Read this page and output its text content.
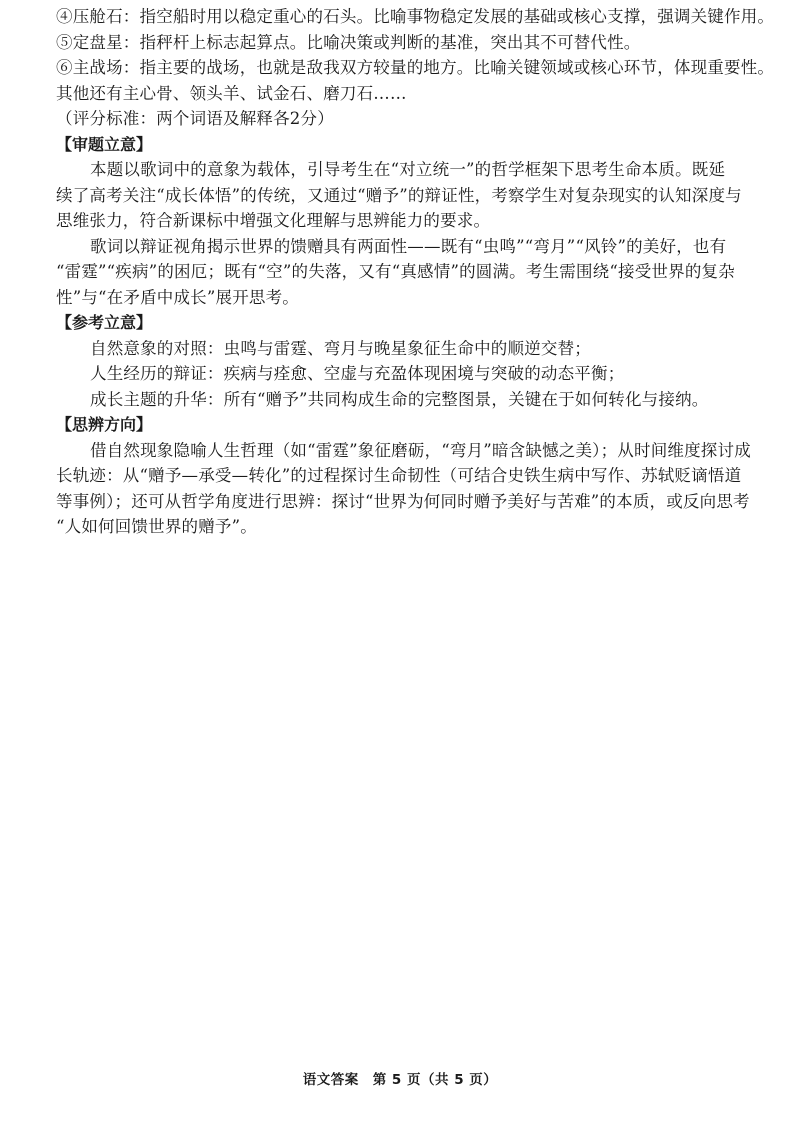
④压舱石：指空船时用以稳定重心的石头。比喻事物稳定发展的基础或核心支撑，强调关键作用。
⑤定盘星：指秤杆上标志起算点。比喻决策或判断的基准，突出其不可替代性。
⑥主战场：指主要的战场，也就是敌我双方较量的地方。比喻关键领域或核心环节，体现重要性。
其他还有主心骨、领头羊、试金石、磨刀石……
（评分标准：两个词语及解释各2分）
【审题立意】
本题以歌词中的意象为载体，引导考生在“对立统一”的哲学框架下思考生命本质。既延
续了高考关注“成长体悟”的传统，又通过“赠予”的辩证性，考察学生对复杂现实的认知深度与
思维张力，符合新课标中增强文化理解与思辨能力的要求。
歌词以辩证视角揭示世界的馈赠具有两面性——既有“虫鸣”“弯月”“风铃”的美好，也有
“雷霆”“疾病”的困厄；既有“空”的失落，又有“真感情”的圆满。考生需围绕“接受世界的复杂
性”与“在矛盾中成长”展开思考。
【参考立意】
自然意象的对照：虫鸣与雷霆、弯月与晚星象征生命中的顺逆交替；
人生经历的辩证：疾病与痊愈、空虚与充盈体现困境与突破的动态平衡；
成长主题的升华：所有“赠予”共同构成生命的完整图景，关键在于如何转化与接纳。
【思辨方向】
借自然现象隐喻人生哲理（如“雷霆”象征磨砺，“弯月”暗含缺憾之美）；从时间维度探讨成
长轨迹：从“赠予—承受—转化”的过程探讨生命韧性（可结合史铁生病中写作、苏轼贬谪悟道
等事例）；还可从哲学角度进行思辨：探讨“世界为何同时赠予美好与苦难”的本质，或反向思考
“人如何回馈世界的赠予”。
语文答案　第 5 页（共 5 页）
